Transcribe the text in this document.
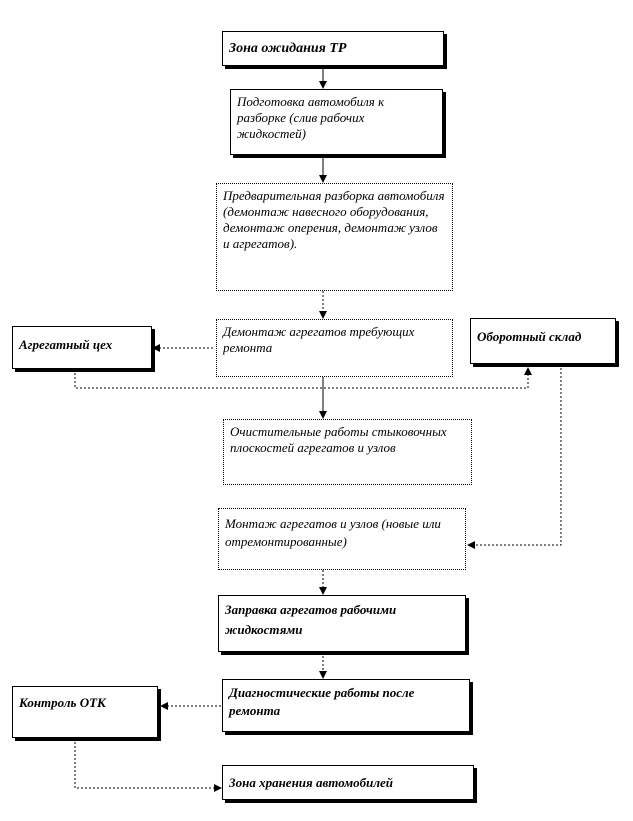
Зона ожидания ТР
Подготовка автомобиля к разборке (слив рабочих жидкостей)
Предварительная разборка автомобиля (демонтаж навесного оборудования, демонтаж оперения, демонтаж узлов и агрегатов).
Демонтаж агрегатов требующих ремонта
Агрегатный цех
Оборотный склад
Очистительные работы стыковочных плоскостей агрегатов и узлов
Монтаж агрегатов и узлов (новые или отремонтированные)
Заправка агрегатов рабочими жидкостями
Диагностические работы после ремонта
Контроль ОТК
Зона хранения автомобилей
